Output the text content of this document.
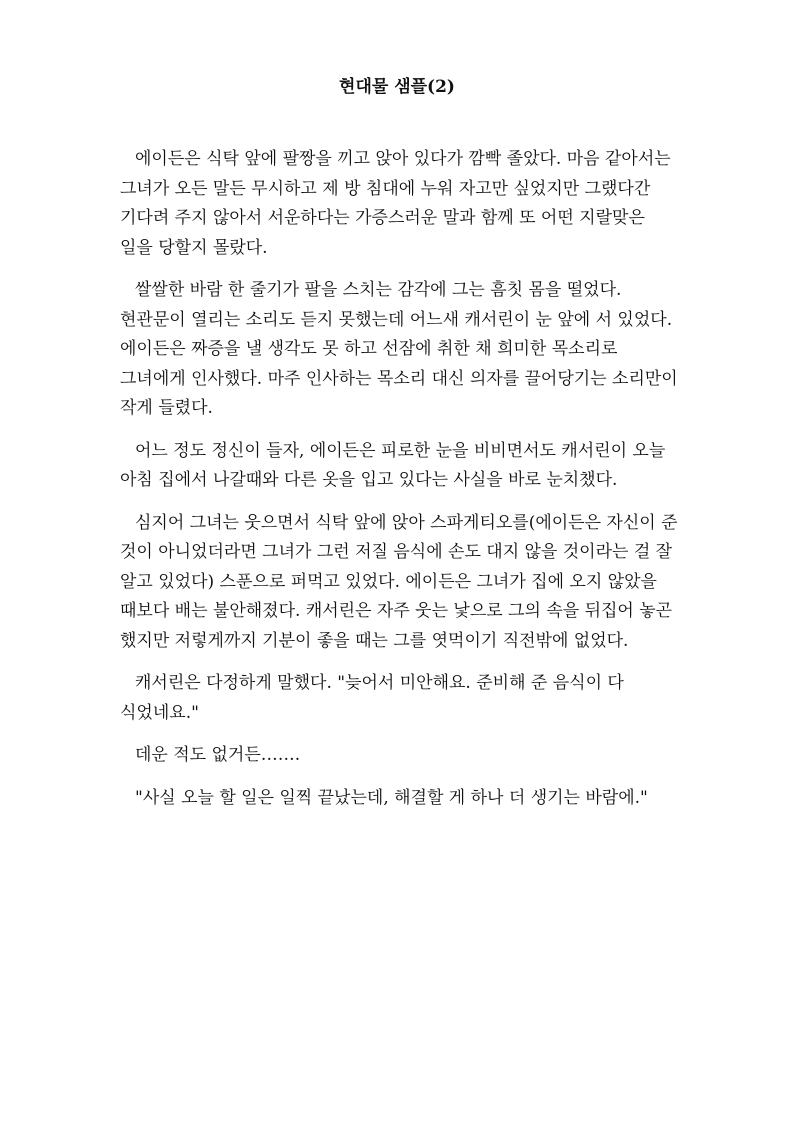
현대물 샘플(2)

에이든은 식탁 앞에 팔짱을 끼고 앉아 있다가 깜빡 졸았다. 마음 같아서는 그녀가 오든 말든 무시하고 제 방 침대에 누워 자고만 싶었지만 그랬다간 기다려 주지 않아서 서운하다는 가증스러운 말과 함께 또 어떤 지랄맞은 일을 당할지 몰랐다.

쌀쌀한 바람 한 줄기가 팔을 스치는 감각에 그는 흠칫 몸을 떨었다. 현관문이 열리는 소리도 듣지 못했는데 어느새 캐서린이 눈 앞에 서 있었다. 에이든은 짜증을 낼 생각도 못 하고 선잠에 취한 채 희미한 목소리로 그녀에게 인사했다. 마주 인사하는 목소리 대신 의자를 끌어당기는 소리만이 작게 들렸다.

어느 정도 정신이 들자, 에이든은 피로한 눈을 비비면서도 캐서린이 오늘 아침 집에서 나갈때와 다른 옷을 입고 있다는 사실을 바로 눈치챘다.

심지어 그녀는 웃으면서 식탁 앞에 앉아 스파게티오를(에이든은 자신이 준 것이 아니었더라면 그녀가 그런 저질 음식에 손도 대지 않을 것이라는 걸 잘 알고 있었다) 스푼으로 퍼먹고 있었다. 에이든은 그녀가 집에 오지 않았을 때보다 배는 불안해졌다. 캐서린은 자주 웃는 낯으로 그의 속을 뒤집어 놓곤 했지만 저렇게까지 기분이 좋을 때는 그를 엿먹이기 직전밖에 없었다.

캐서린은 다정하게 말했다. "늦어서 미안해요. 준비해 준 음식이 다 식었네요."

데운 적도 없거든…….

"사실 오늘 할 일은 일찍 끝났는데, 해결할 게 하나 더 생기는 바람에."
